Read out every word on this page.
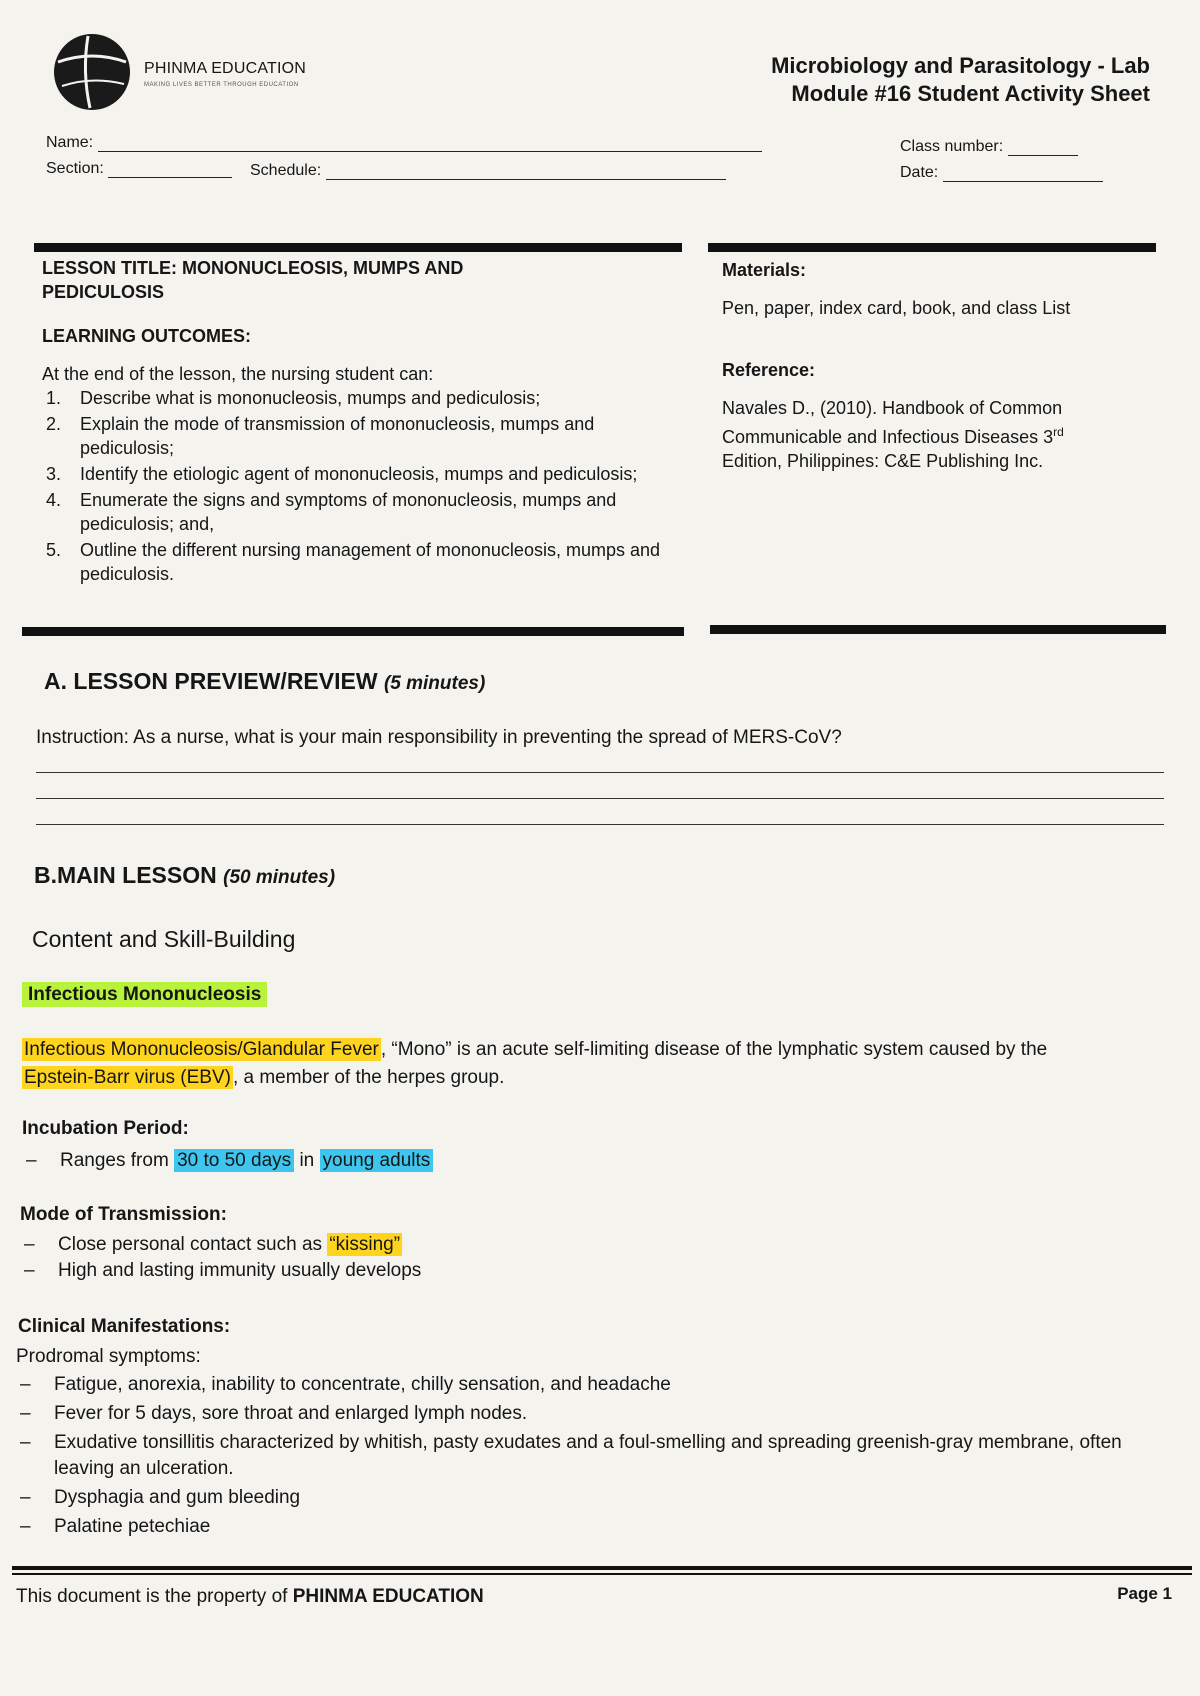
PHINMA EDUCATION
MAKING LIVES BETTER THROUGH EDUCATION
Microbiology and Parasitology - Lab
Module #16 Student Activity Sheet
Name:
Section:	Schedule:
Class number:
Date:
LESSON TITLE: MONONUCLEOSIS, MUMPS AND
PEDICULOSIS
LEARNING OUTCOMES:
At the end of the lesson, the nursing student can:
1. Describe what is mononucleosis, mumps and pediculosis;
2. Explain the mode of transmission of mononucleosis, mumps and pediculosis;
3. Identify the etiologic agent of mononucleosis, mumps and pediculosis;
4. Enumerate the signs and symptoms of mononucleosis, mumps and pediculosis; and,
5. Outline the different nursing management of mononucleosis, mumps and pediculosis.
Materials:
Pen, paper, index card, book, and class List
Reference:
Navales D., (2010). Handbook of Common
Communicable and Infectious Diseases 3rd
Edition, Philippines: C&E Publishing Inc.
A. LESSON PREVIEW/REVIEW (5 minutes)
Instruction: As a nurse, what is your main responsibility in preventing the spread of MERS-CoV?
B.MAIN LESSON (50 minutes)
Content and Skill-Building
Infectious Mononucleosis
Infectious Mononucleosis/Glandular Fever , “Mono” is an acute self-limiting disease of the lymphatic system caused by the
Epstein-Barr virus (EBV) , a member of the herpes group.
Incubation Period:
– Ranges from 30 to 50 days in young adults
Mode of Transmission:
– Close personal contact such as “kissing”
– High and lasting immunity usually develops
Clinical Manifestations:
Prodromal symptoms:
– Fatigue, anorexia, inability to concentrate, chilly sensation, and headache
– Fever for 5 days, sore throat and enlarged lymph nodes.
– Exudative tonsillitis characterized by whitish, pasty exudates and a foul-smelling and spreading greenish-gray membrane, often leaving an ulceration.
– Dysphagia and gum bleeding
– Palatine petechiae
This document is the property of PHINMA EDUCATION	Page 1
